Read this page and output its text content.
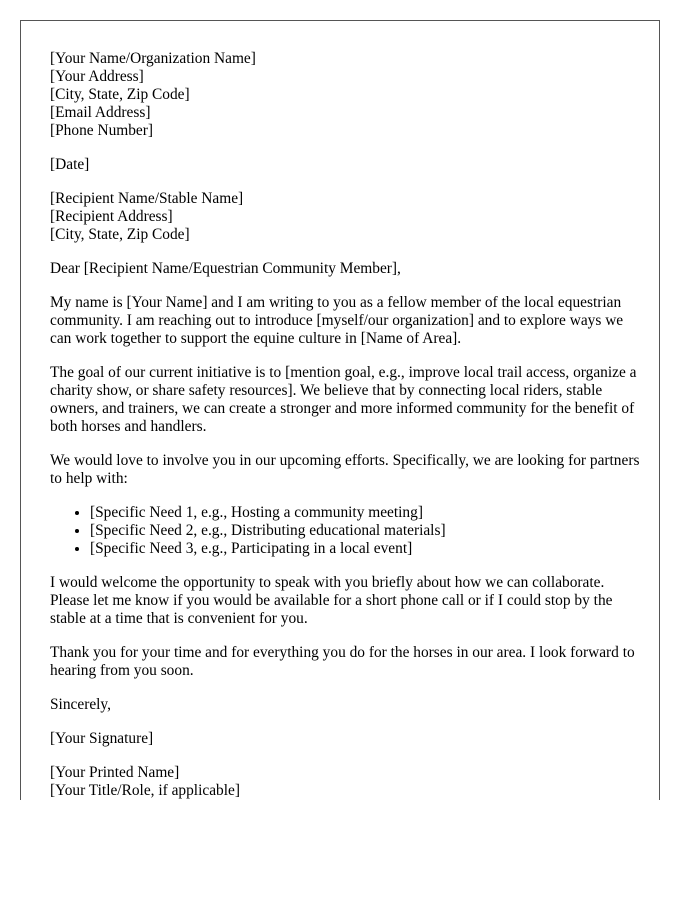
[Your Name/Organization Name]
[Your Address]
[City, State, Zip Code]
[Email Address]
[Phone Number]
[Date]
[Recipient Name/Stable Name]
[Recipient Address]
[City, State, Zip Code]

Dear [Recipient Name/Equestrian Community Member],

My name is [Your Name] and I am writing to you as a fellow member of the local equestrian community. I am reaching out to introduce [myself/our organization] and to explore ways we can work together to support the equine culture in [Name of Area].

The goal of our current initiative is to [mention goal, e.g., improve local trail access, organize a charity show, or share safety resources]. We believe that by connecting local riders, stable owners, and trainers, we can create a stronger and more informed community for the benefit of both horses and handlers.

We would love to involve you in our upcoming efforts. Specifically, we are looking for partners to help with:

• [Specific Need 1, e.g., Hosting a community meeting]
• [Specific Need 2, e.g., Distributing educational materials]
• [Specific Need 3, e.g., Participating in a local event]

I would welcome the opportunity to speak with you briefly about how we can collaborate. Please let me know if you would be available for a short phone call or if I could stop by the stable at a time that is convenient for you.

Thank you for your time and for everything you do for the horses in our area. I look forward to hearing from you soon.

Sincerely,

[Your Signature]

[Your Printed Name]
[Your Title/Role, if applicable]
